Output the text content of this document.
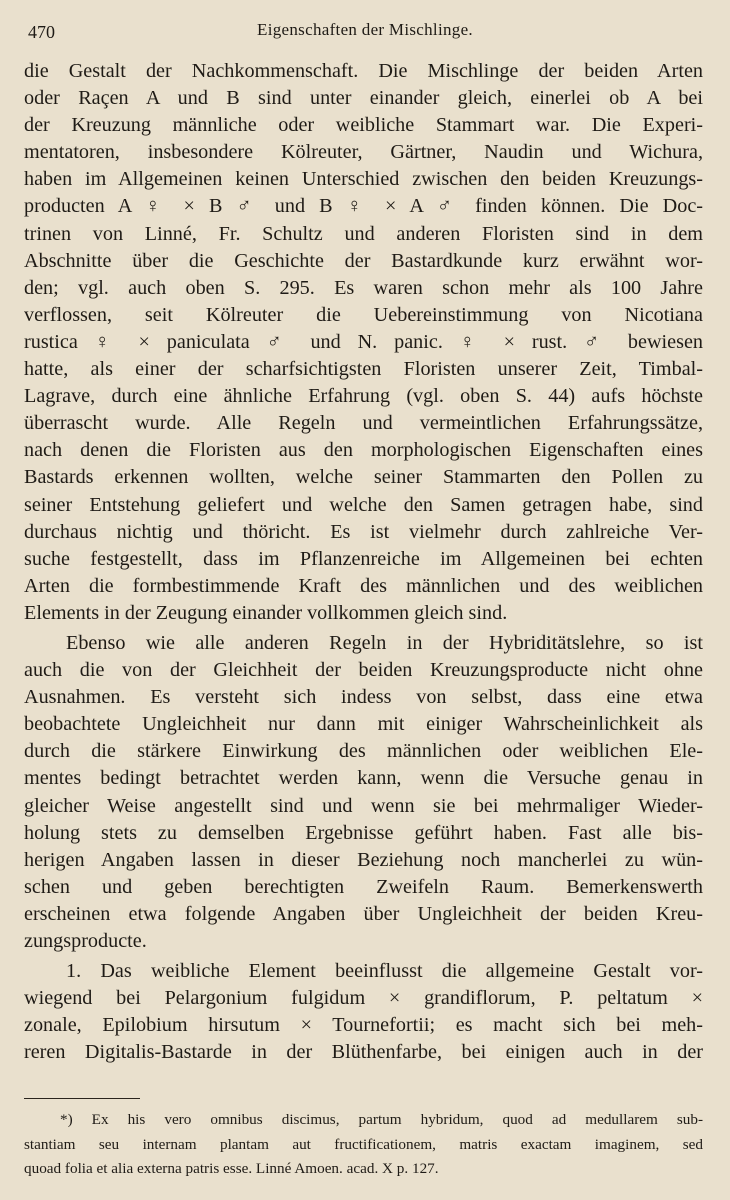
470	Eigenschaften der Mischlinge.
die Gestalt der Nachkommenschaft. Die Mischlinge der beiden Arten
oder Raçen A und B sind unter einander gleich, einerlei ob A bei
der Kreuzung männliche oder weibliche Stammart war. Die Experi-
mentatoren, insbesondere Kölreuter, Gärtner, Naudin und Wichura,
haben im Allgemeinen keinen Unterschied zwischen den beiden Kreuzungs-
producten A ♀ × B ♂ und B ♀ × A ♂ finden können. Die Doc-
trinen von Linné, Fr. Schultz und anderen Floristen sind in dem
Abschnitte über die Geschichte der Bastardkunde kurz erwähnt wor-
den; vgl. auch oben S. 295. Es waren schon mehr als 100 Jahre
verflossen, seit Kölreuter die Uebereinstimmung von Nicotiana
rustica ♀ × paniculata ♂ und N. panic. ♀ × rust. ♂ bewiesen
hatte, als einer der scharfsichtigsten Floristen unserer Zeit, Timbal-
Lagrave, durch eine ähnliche Erfahrung (vgl. oben S. 44) aufs höchste
überrascht wurde. Alle Regeln und vermeintlichen Erfahrungssätze,
nach denen die Floristen aus den morphologischen Eigenschaften eines
Bastards erkennen wollten, welche seiner Stammarten den Pollen zu
seiner Entstehung geliefert und welche den Samen getragen habe, sind
durchaus nichtig und thöricht. Es ist vielmehr durch zahlreiche Ver-
suche festgestellt, dass im Pflanzenreiche im Allgemeinen bei echten
Arten die formbestimmende Kraft des männlichen und des weiblichen
Elements in der Zeugung einander vollkommen gleich sind.
Ebenso wie alle anderen Regeln in der Hybriditätslehre, so ist
auch die von der Gleichheit der beiden Kreuzungsproducte nicht ohne
Ausnahmen. Es versteht sich indess von selbst, dass eine etwa
beobachtete Ungleichheit nur dann mit einiger Wahrscheinlichkeit als
durch die stärkere Einwirkung des männlichen oder weiblichen Ele-
mentes bedingt betrachtet werden kann, wenn die Versuche genau in
gleicher Weise angestellt sind und wenn sie bei mehrmaliger Wieder-
holung stets zu demselben Ergebnisse geführt haben. Fast alle bis-
herigen Angaben lassen in dieser Beziehung noch mancherlei zu wün-
schen und geben berechtigten Zweifeln Raum. Bemerkenswerth
erscheinen etwa folgende Angaben über Ungleichheit der beiden Kreu-
zungsproducte.
1. Das weibliche Element beeinflusst die allgemeine Gestalt vor-
wiegend bei Pelargonium fulgidum × grandiflorum, P. peltatum ×
zonale, Epilobium hirsutum × Tournefortii; es macht sich bei meh-
reren Digitalis-Bastarde in der Blüthenfarbe, bei einigen auch in der
*) Ex his vero omnibus discimus, partum hybridum, quod ad medullarem sub-
stantiam seu internam plantam aut fructificationem, matris exactam imaginem, sed
quoad folia et alia externa patris esse. Linné Amoen. acad. X p. 127.
